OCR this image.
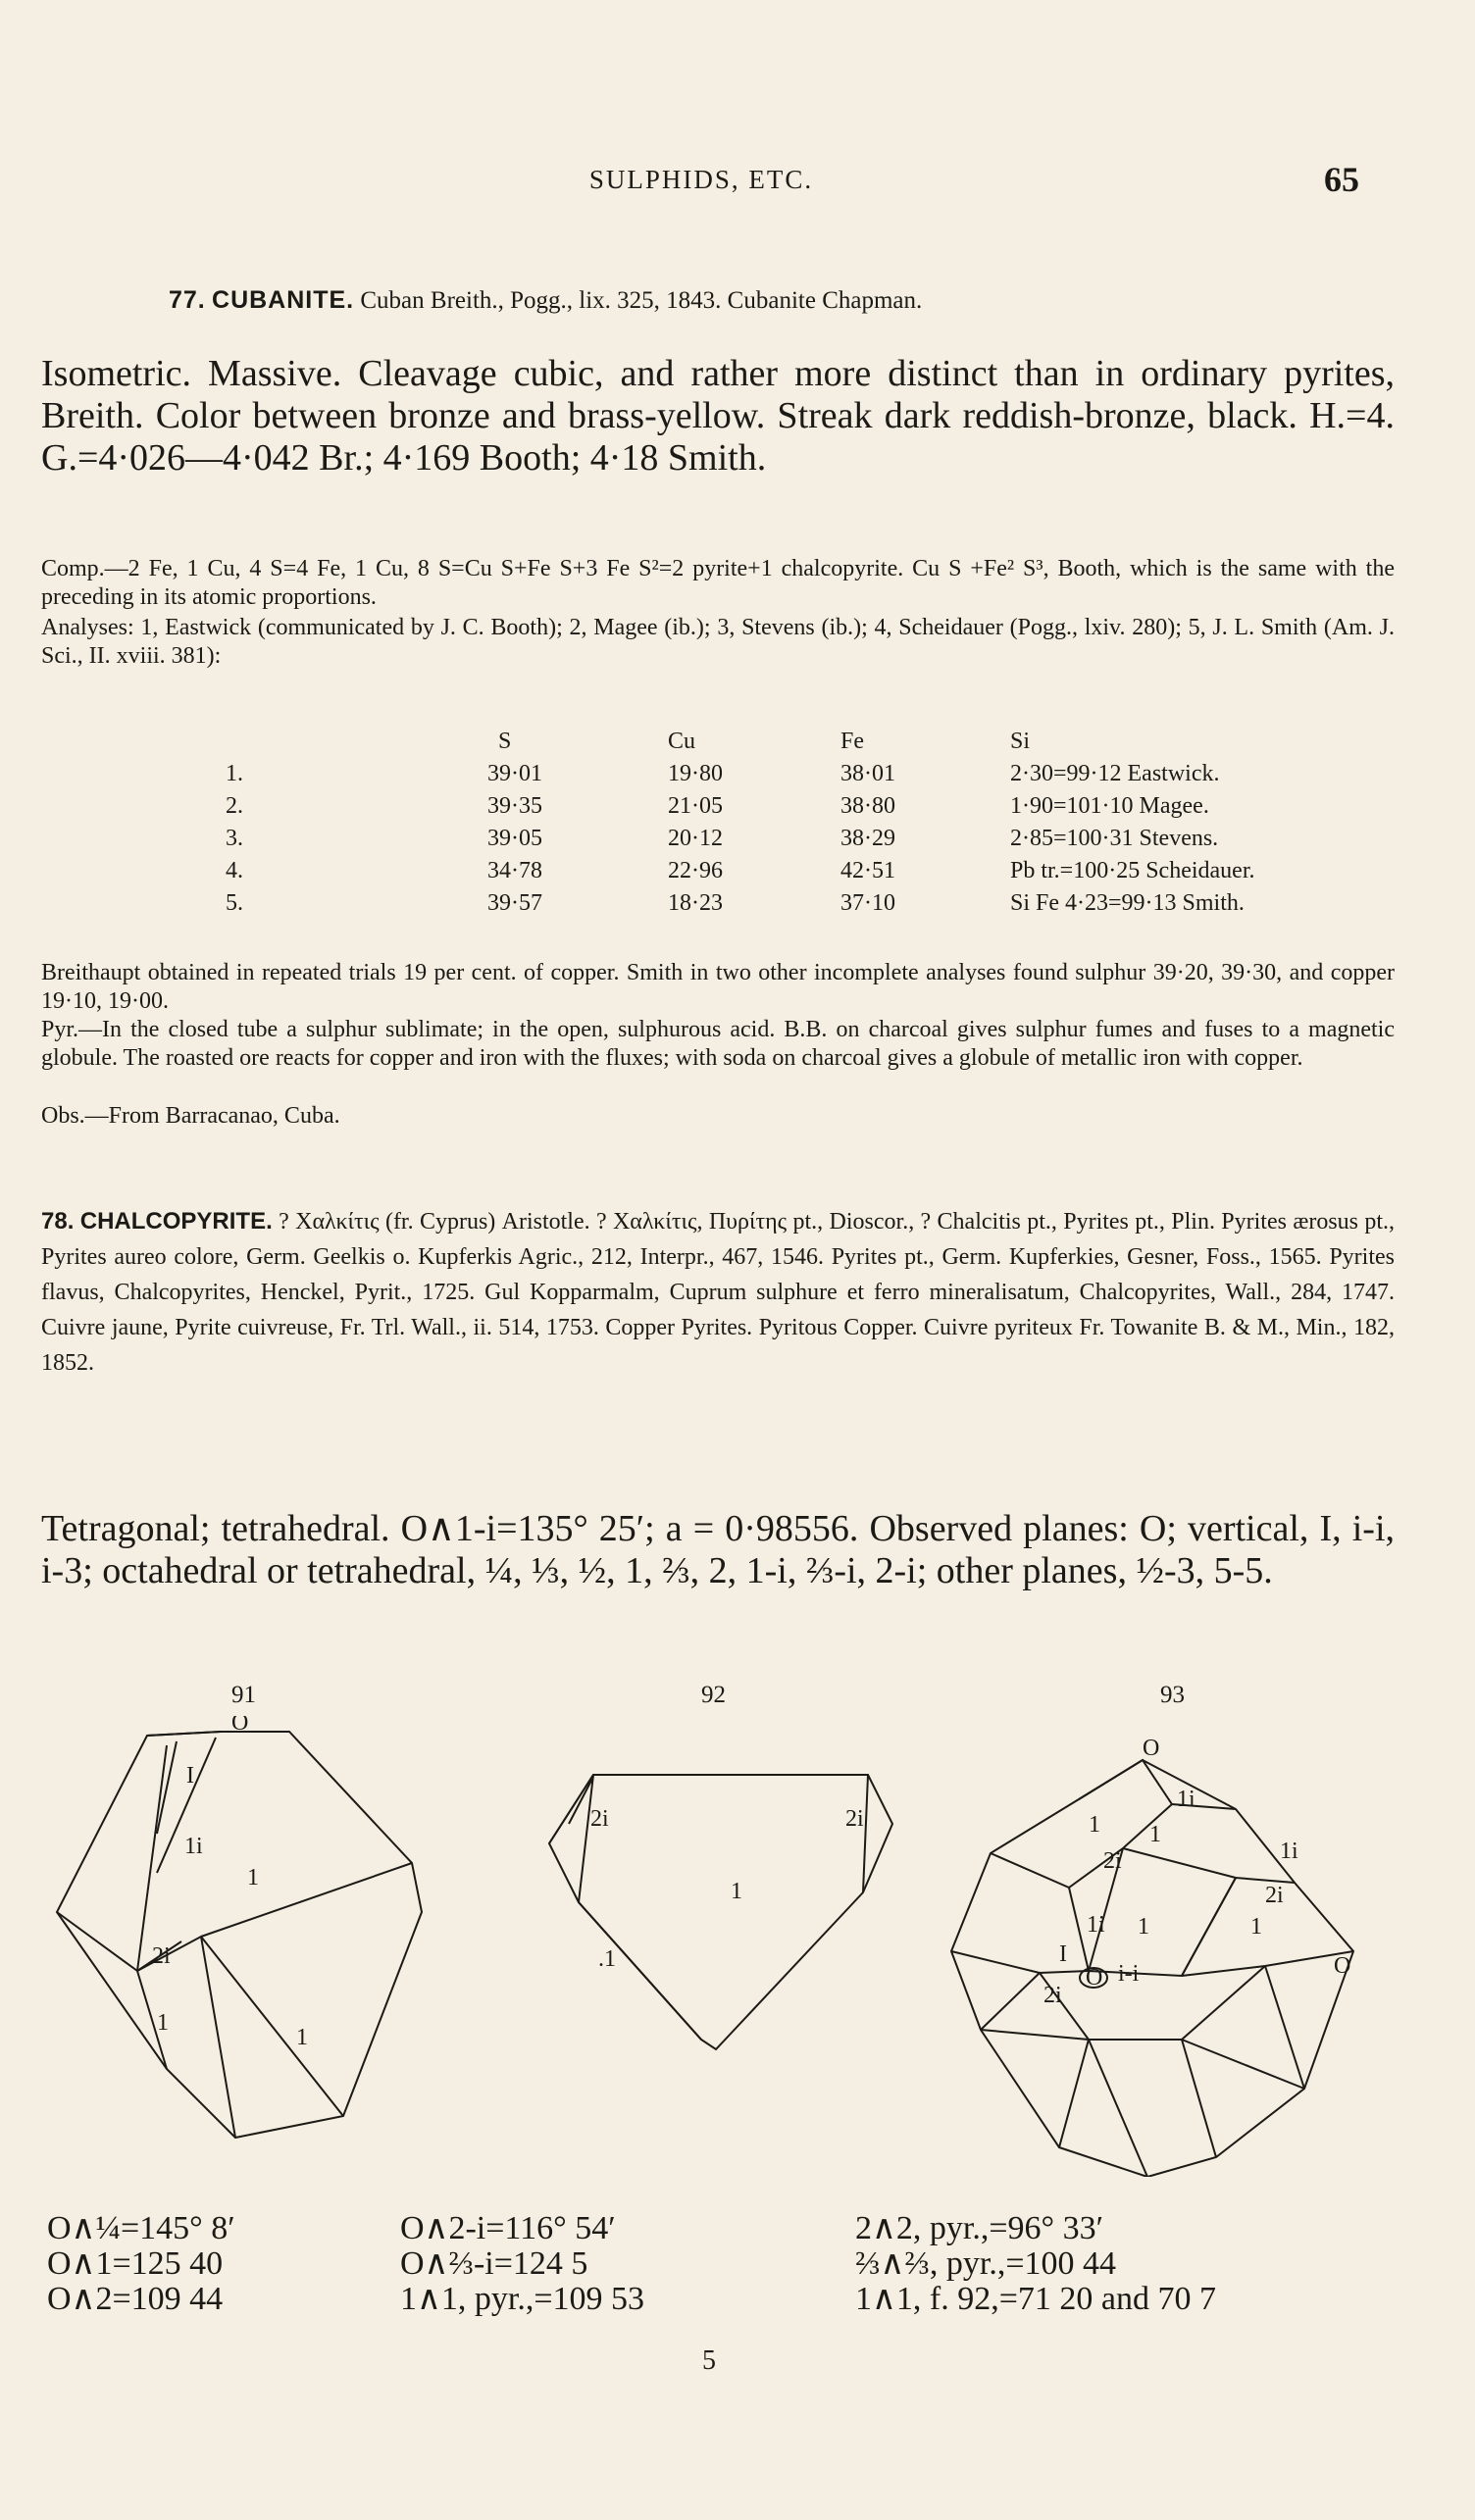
SULPHIDS, ETC.	65
77. CUBANITE. Cuban Breith., Pogg., lix. 325, 1843. Cubanite Chapman.
Isometric. Massive. Cleavage cubic, and rather more distinct than in ordinary pyrites, Breith. Color between bronze and brass-yellow. Streak dark reddish-bronze, black. H.=4. G.=4·026—4·042 Br.; 4·169 Booth; 4·18 Smith.
Comp.—2 Fe, 1 Cu, 4 S=4 Fe, 1 Cu, 8 S=Cu S+Fe S+3 Fe S²=2 pyrite+1 chalcopyrite. Cu S +Fe² S³, Booth, which is the same with the preceding in its atomic proportions.
Analyses: 1, Eastwick (communicated by J. C. Booth); 2, Magee (ib.); 3, Stevens (ib.); 4, Scheidauer (Pogg., lxiv. 280); 5, J. L. Smith (Am. J. Sci., II. xviii. 381):
	S	Cu	Fe	Si
1.	39·01	19·80	38·01	2·30=99·12 Eastwick.
2.	39·35	21·05	38·80	1·90=101·10 Magee.
3.	39·05	20·12	38·29	2·85=100·31 Stevens.
4.	34·78	22·96	42·51	Pb tr.=100·25 Scheidauer.
5.	39·57	18·23	37·10	Si Fe 4·23=99·13 Smith.
Breithaupt obtained in repeated trials 19 per cent. of copper. Smith in two other incomplete analyses found sulphur 39·20, 39·30, and copper 19·10, 19·00.
Pyr.—In the closed tube a sulphur sublimate; in the open, sulphurous acid. B.B. on charcoal gives sulphur fumes and fuses to a magnetic globule. The roasted ore reacts for copper and iron with the fluxes; with soda on charcoal gives a globule of metallic iron with copper.
Obs.—From Barracanao, Cuba.
78. CHALCOPYRITE. ? Χαλκίτις (fr. Cyprus) Aristotle. ? Χαλκίτις, Πυρίτης pt., Dioscor., ? Chalcitis pt., Pyrites pt., Plin. Pyrites ærosus pt., Pyrites aureo colore, Germ. Geelkis o. Kupferkis Agric., 212, Interpr., 467, 1546. Pyrites pt., Germ. Kupferkies, Gesner, Foss., 1565. Pyrites flavus, Chalcopyrites, Henckel, Pyrit., 1725. Gul Kopparmalm, Cuprum sulphure et ferro mineralisatum, Chalcopyrites, Wall., 284, 1747. Cuivre jaune, Pyrite cuivreuse, Fr. Trl. Wall., ii. 514, 1753. Copper Pyrites. Pyritous Copper. Cuivre pyriteux Fr. Towanite B. & M., Min., 182, 1852.
Tetragonal; tetrahedral. O∧1-i=135° 25′; a = 0·98556. Observed planes: O; vertical, I, i-i, i-3; octahedral or tetrahedral, ¼, ⅓, ½, 1, ⅔, 2, 1-i, ⅔-i, 2-i; other planes, ½-3, 5-5.
91	92	93
O
I
1i
1
2i
1
1
2i	2i
1
.1
O
1i
1 1
2i
1i 1	1
2i
1i
O i-i	O
I
2i
O∧¼=145° 8′
O∧1=125 40
O∧2=109 44
O∧2-i=116° 54′
O∧⅔-i=124 5
1∧1, pyr.,=109 53
2∧2, pyr.,=96° 33′
⅔∧⅔, pyr.,=100 44
1∧1, f. 92,=71 20 and 70 7
5
